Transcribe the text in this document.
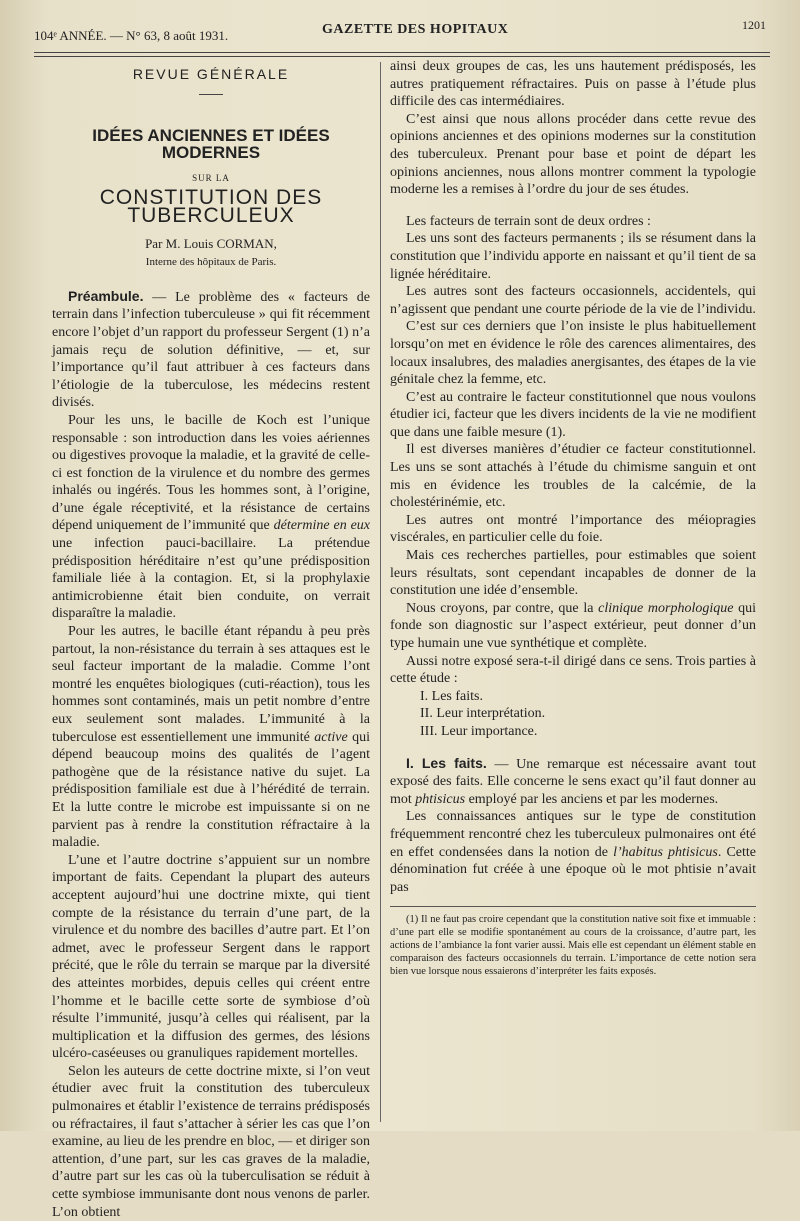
104ᵉ ANNÉE. — N° 63, 8 août 1931.	GAZETTE DES HOPITAUX	1201

REVUE GÉNÉRALE

IDÉES ANCIENNES ET IDÉES MODERNES

SUR LA

CONSTITUTION DES TUBERCULEUX

Par M. Louis CORMAN,

Interne des hôpitaux de Paris.

Préambule. — Le problème des « facteurs de terrain dans l’infection tuberculeuse » qui fit récemment encore l’objet d’un rapport du professeur Sergent (1) n’a jamais reçu de solution définitive, — et, sur l’importance qu’il faut attribuer à ces facteurs dans l’étiologie de la tuberculose, les médecins restent divisés.

Pour les uns, le bacille de Koch est l’unique responsable : son introduction dans les voies aériennes ou digestives provoque la maladie, et la gravité de celle-ci est fonction de la virulence et du nombre des germes inhalés ou ingérés. Tous les hommes sont, à l’origine, d’une égale réceptivité, et la résistance de certains dépend uniquement de l’immunité que détermine en eux une infection pauci-bacillaire. La prétendue prédisposition héréditaire n’est qu’une prédisposition familiale liée à la contagion. Et, si la prophylaxie antimicrobienne était bien conduite, on verrait disparaître la maladie.

Pour les autres, le bacille étant répandu à peu près partout, la non-résistance du terrain à ses attaques est le seul facteur important de la maladie. Comme l’ont montré les enquêtes biologiques (cuti-réaction), tous les hommes sont contaminés, mais un petit nombre d’entre eux seulement sont malades. L’immunité à la tuberculose est essentiellement une immunité active qui dépend beaucoup moins des qualités de l’agent pathogène que de la résistance native du sujet. La prédisposition familiale est due à l’hérédité de terrain. Et la lutte contre le microbe est impuissante si on ne parvient pas à rendre la constitution réfractaire à la maladie.

L’une et l’autre doctrine s’appuient sur un nombre important de faits. Cependant la plupart des auteurs acceptent aujourd’hui une doctrine mixte, qui tient compte de la résistance du terrain d’une part, de la virulence et du nombre des bacilles d’autre part. Et l’on admet, avec le professeur Sergent dans le rapport précité, que le rôle du terrain se marque par la diversité des atteintes morbides, depuis celles qui créent entre l’homme et le bacille cette sorte de symbiose d’où résulte l’immunité, jusqu’à celles qui réalisent, par la multiplication et la diffusion des germes, des lésions ulcéro-caséeuses ou granuliques rapidement mortelles.

Selon les auteurs de cette doctrine mixte, si l’on veut étudier avec fruit la constitution des tuberculeux pulmonaires et établir l’existence de terrains prédisposés ou réfractaires, il faut s’attacher à sérier les cas que l’on examine, au lieu de les prendre en bloc, — et diriger son attention, d’une part, sur les cas graves de la maladie, d’autre part sur les cas où la tuberculisation se réduit à cette symbiose immunisante dont nous venons de parler. L’on obtient

ainsi deux groupes de cas, les uns hautement prédisposés, les autres pratiquement réfractaires. Puis on passe à l’étude plus difficile des cas intermédiaires.

C’est ainsi que nous allons procéder dans cette revue des opinions anciennes et des opinions modernes sur la constitution des tuberculeux. Prenant pour base et point de départ les opinions anciennes, nous allons montrer comment la typologie moderne les a remises à l’ordre du jour de ses études.

Les facteurs de terrain sont de deux ordres :

Les uns sont des facteurs permanents ; ils se résument dans la constitution que l’individu apporte en naissant et qu’il tient de sa lignée héréditaire.

Les autres sont des facteurs occasionnels, accidentels, qui n’agissent que pendant une courte période de la vie de l’individu.

C’est sur ces derniers que l’on insiste le plus habituellement lorsqu’on met en évidence le rôle des carences alimentaires, des locaux insalubres, des maladies anergisantes, des étapes de la vie génitale chez la femme, etc.

C’est au contraire le facteur constitutionnel que nous voulons étudier ici, facteur que les divers incidents de la vie ne modifient que dans une faible mesure (1).

Il est diverses manières d’étudier ce facteur constitutionnel. Les uns se sont attachés à l’étude du chimisme sanguin et ont mis en évidence les troubles de la calcémie, de la cholestérinémie, etc.

Les autres ont montré l’importance des méiopragies viscérales, en particulier celle du foie.

Mais ces recherches partielles, pour estimables que soient leurs résultats, sont cependant incapables de donner de la constitution une idée d’ensemble.

Nous croyons, par contre, que la clinique morphologique qui fonde son diagnostic sur l’aspect extérieur, peut donner d’un type humain une vue synthétique et complète.

Aussi notre exposé sera-t-il dirigé dans ce sens. Trois parties à cette étude :

I. Les faits.

II. Leur interprétation.

III. Leur importance.

I. Les faits. — Une remarque est nécessaire avant tout exposé des faits. Elle concerne le sens exact qu’il faut donner au mot phtisicus employé par les anciens et par les modernes.

Les connaissances antiques sur le type de constitution fréquemment rencontré chez les tuberculeux pulmonaires ont été en effet condensées dans la notion de l’habitus phtisicus. Cette dénomination fut créée à une époque où le mot phtisie n’avait pas

(1) Il ne faut pas croire cependant que la constitution native soit fixe et immuable : d’une part elle se modifie spontanément au cours de la croissance, d’autre part, les actions de l’ambiance la font varier aussi. Mais elle est cependant un élément stable en comparaison des facteurs occasionnels du terrain. L’importance de cette notion sera bien vue lorsque nous essaierons d’interpréter les faits exposés.
